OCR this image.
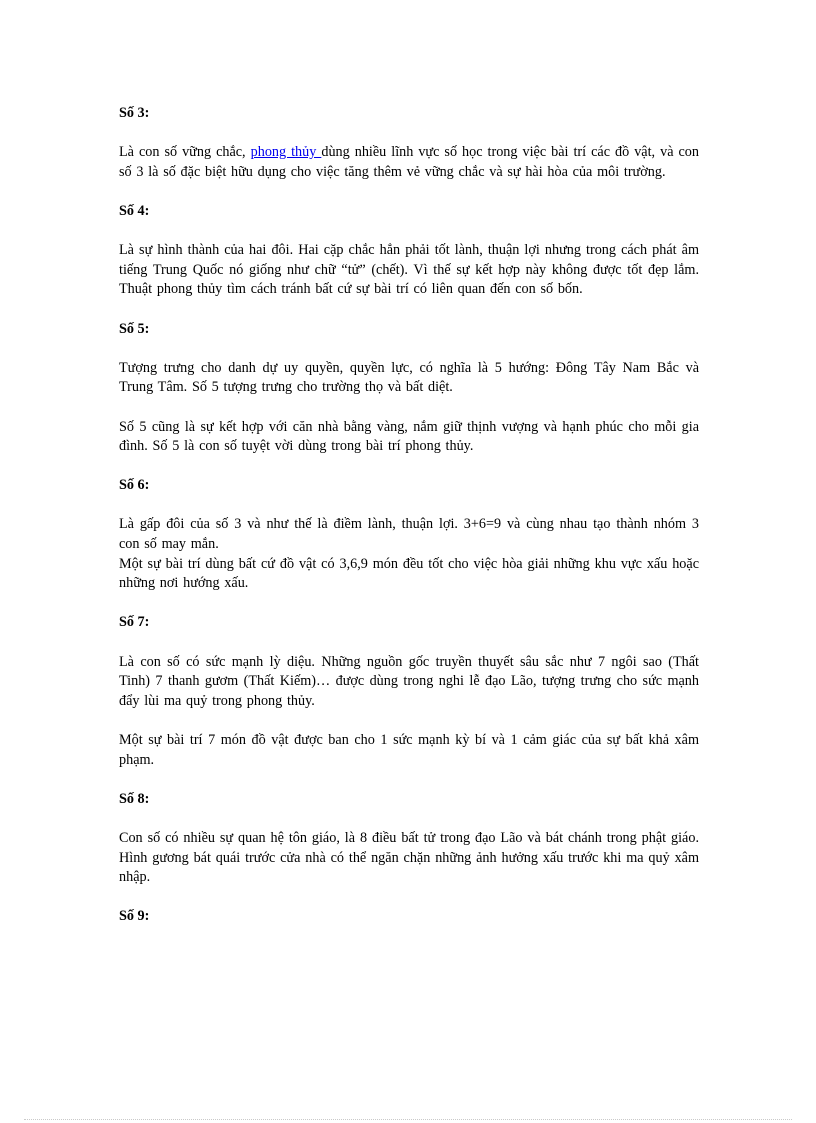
Số 3:

Là con số vững chắc, phong thủy dùng nhiều lĩnh vực số học trong việc bài trí các đồ vật, và con số 3 là số đặc biệt hữu dụng cho việc tăng thêm vẻ vững chắc và sự hài hòa của môi trường.

Số 4:

Là sự hình thành của hai đôi. Hai cặp chắc hẳn phải tốt lành, thuận lợi nhưng trong cách phát âm tiếng Trung Quốc nó giống như chữ “tử” (chết). Vì thế sự kết hợp này không được tốt đẹp lắm. Thuật phong thủy tìm cách tránh bất cứ sự bài trí có liên quan đến con số bốn.

Số 5:

Tượng trưng cho danh dự uy quyền, quyền lực, có nghĩa là 5 hướng: Đông Tây Nam Bắc và Trung Tâm. Số 5 tượng trưng cho trường thọ và bất diệt.

Số 5 cũng là sự kết hợp với căn nhà bằng vàng, nắm giữ thịnh vượng và hạnh phúc cho mỗi gia đình. Số 5 là con số tuyệt vời dùng trong bài trí phong thủy.

Số 6:

Là gấp đôi của số 3 và như thế là điềm lành, thuận lợi. 3+6=9 và cùng nhau tạo thành nhóm 3 con số may mắn.
Một sự bài trí dùng bất cứ đồ vật có 3,6,9 món đều tốt cho việc hòa giải những khu vực xấu hoặc những nơi hướng xấu.

Số 7:

Là con số có sức mạnh lỳ diệu. Những nguồn gốc truyền thuyết sâu sắc như 7 ngôi sao (Thất Tinh) 7 thanh gươm (Thất Kiếm)… được dùng trong nghi lễ đạo Lão, tượng trưng cho sức mạnh đẩy lùi ma quỷ trong phong thủy.

Một sự bài trí 7 món đồ vật được ban cho 1 sức mạnh kỳ bí và 1 cảm giác của sự bất khả xâm phạm.

Số 8:

Con số có nhiều sự quan hệ tôn giáo, là 8 điều bất tử trong đạo Lão và bát chánh trong phật giáo. Hình gương bát quái trước cửa nhà có thể ngăn chặn những ảnh hưởng xấu trước khi ma quỷ xâm nhập.

Số 9:
